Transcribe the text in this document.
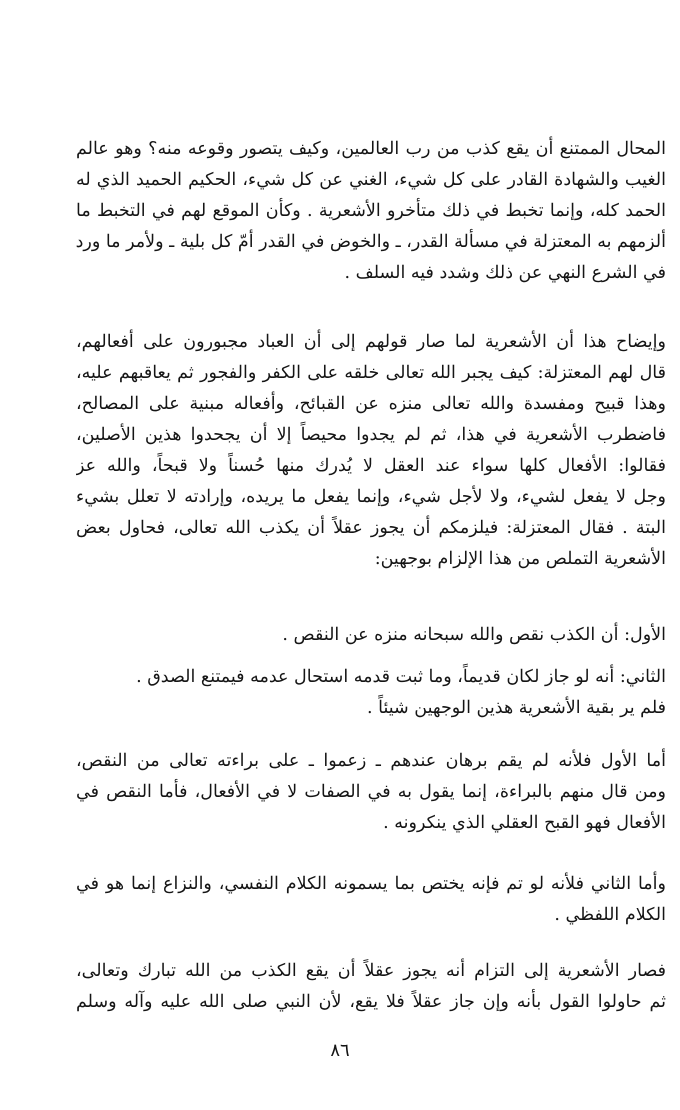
المحال الممتنع أن يقع كذب من رب العالمين، وكيف يتصور وقوعه منه؟ وهو عالم
الغيب والشهادة القادر على كل شيء، الغني عن كل شيء، الحكيم الحميد الذي له
الحمد كله، وإنما تخبط في ذلك متأخرو الأشعرية . وكأن الموقع لهم في التخبط ما
ألزمهم به المعتزلة في مسألة القدر، ـ والخوض في القدر أمّ كل بلية ـ ولأمر ما ورد
في الشرع النهي عن ذلك وشدد فيه السلف .
وإيضاح هذا أن الأشعرية لما صار قولهم إلى أن العباد مجبورون على أفعالهم،
قال لهم المعتزلة: كيف يجبر الله تعالى خلقه على الكفر والفجور ثم يعاقبهم عليه،
وهذا قبيح ومفسدة والله تعالى منزه عن القبائح، وأفعاله مبنية على المصالح،
فاضطرب الأشعرية في هذا، ثم لم يجدوا محيصاً إلا أن يجحدوا هذين الأصلين،
فقالوا: الأفعال كلها سواء عند العقل لا يُدرك منها حُسناً ولا قبحاً، والله عز
وجل لا يفعل لشيء، ولا لأجل شيء، وإنما يفعل ما يريده، وإرادته لا تعلل بشيء
البتة . فقال المعتزلة: فيلزمكم أن يجوز عقلاً أن يكذب الله تعالى، فحاول بعض
الأشعرية التملص من هذا الإلزام بوجهين:
الأول: أن الكذب نقص والله سبحانه منزه عن النقص .
الثاني: أنه لو جاز لكان قديماً، وما ثبت قدمه استحال عدمه فيمتنع الصدق .
فلم ير بقية الأشعرية هذين الوجهين شيئاً .
أما الأول فلأنه لم يقم برهان عندهم ـ زعموا ـ على براءته تعالى من النقص،
ومن قال منهم بالبراءة، إنما يقول به في الصفات لا في الأفعال، فأما النقص في
الأفعال فهو القبح العقلي الذي ينكرونه .
وأما الثاني فلأنه لو تم فإنه يختص بما يسمونه الكلام النفسي، والنزاع إنما هو في
الكلام اللفظي .
فصار الأشعرية إلى التزام أنه يجوز عقلاً أن يقع الكذب من الله تبارك وتعالى،
ثم حاولوا القول بأنه وإن جاز عقلاً فلا يقع، لأن النبي صلى الله عليه وآله وسلم
٨٦
